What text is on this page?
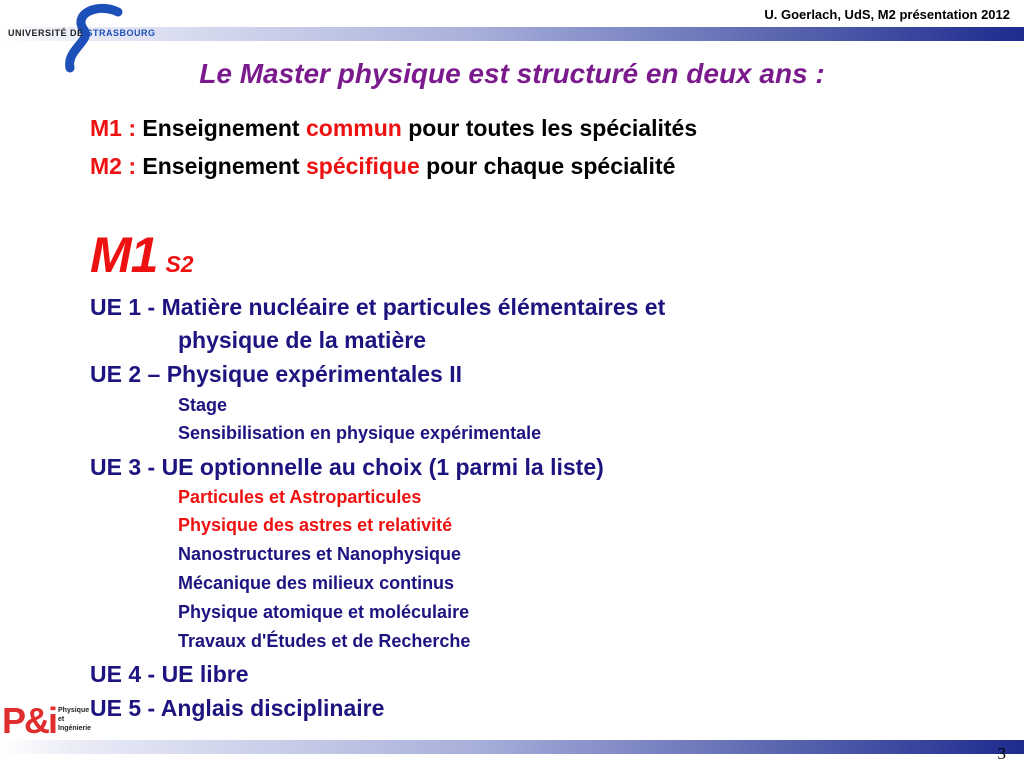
UNIVERSITÉ DE STRASBOURG
U. Goerlach, UdS, M2 présentation 2012
Le Master physique est structuré en deux ans :
M1 : Enseignement commun pour toutes les spécialités
M2 : Enseignement spécifique pour chaque spécialité
M1 S2
UE 1 - Matière nucléaire et particules élémentaires et
physique de la matière
UE 2 – Physique expérimentales II
Stage
Sensibilisation en physique expérimentale
UE 3 - UE optionnelle au choix (1 parmi la liste)
Particules et Astroparticules
Physique des astres et relativité
Nanostructures et Nanophysique
Mécanique des milieux continus
Physique atomique et moléculaire
Travaux d'Études et de Recherche
UE 4 - UE libre
UE 5 - Anglais disciplinaire
P&i Physique
et
Ingénierie
3
